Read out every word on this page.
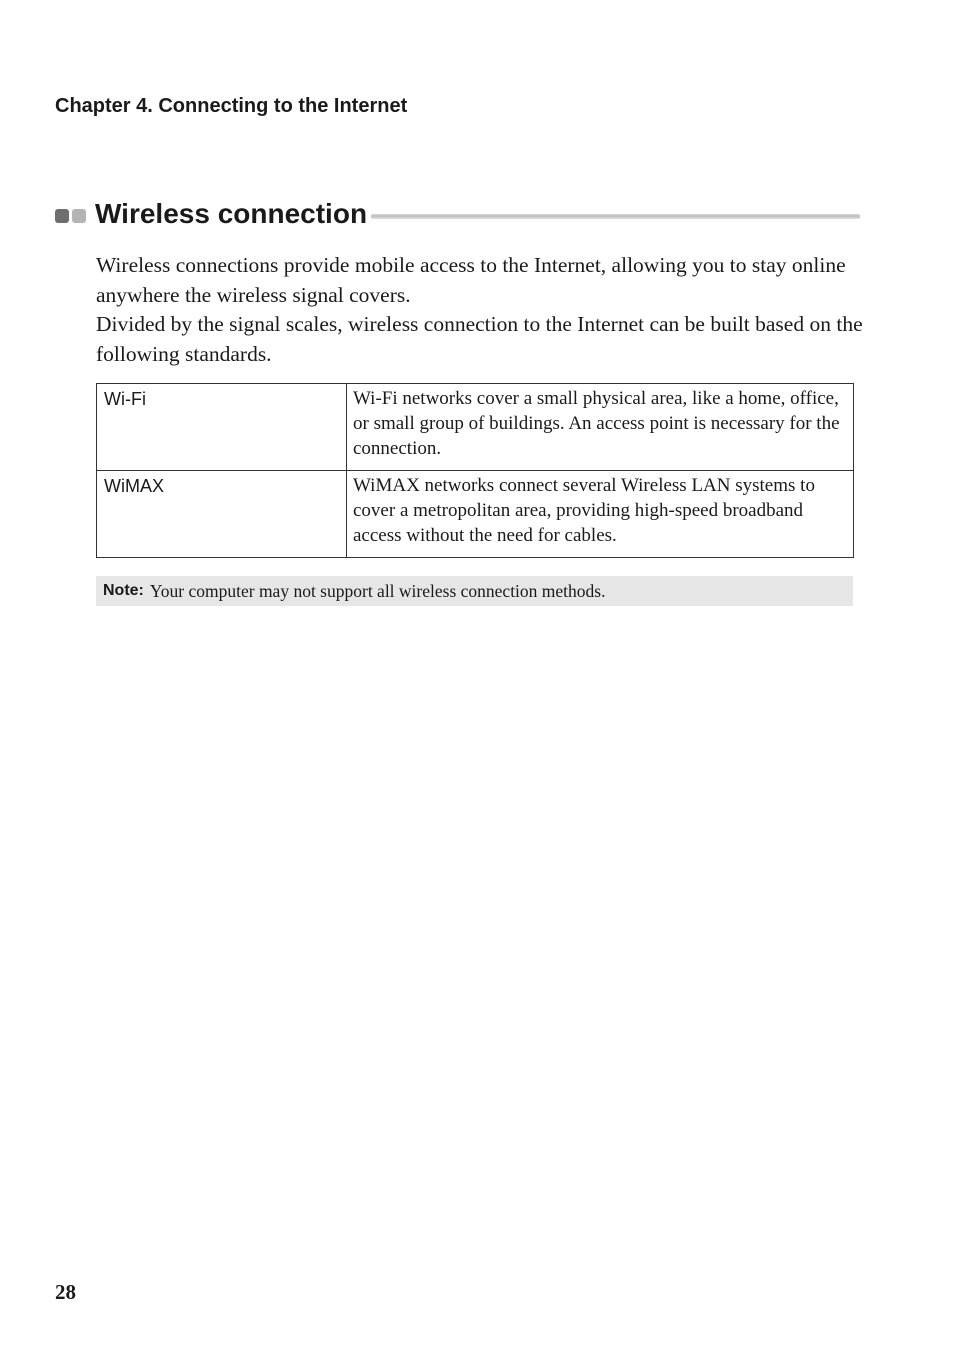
Chapter 4. Connecting to the Internet
Wireless connection

Wireless connections provide mobile access to the Internet, allowing you to stay online anywhere the wireless signal covers.

Divided by the signal scales, wireless connection to the Internet can be built based on the following standards.

Wi-Fi	Wi-Fi networks cover a small physical area, like a home, office, or small group of buildings. An access point is necessary for the connection.
WiMAX	WiMAX networks connect several Wireless LAN systems to cover a metropolitan area, providing high-speed broadband access without the need for cables.
Note: Your computer may not support all wireless connection methods.

28
